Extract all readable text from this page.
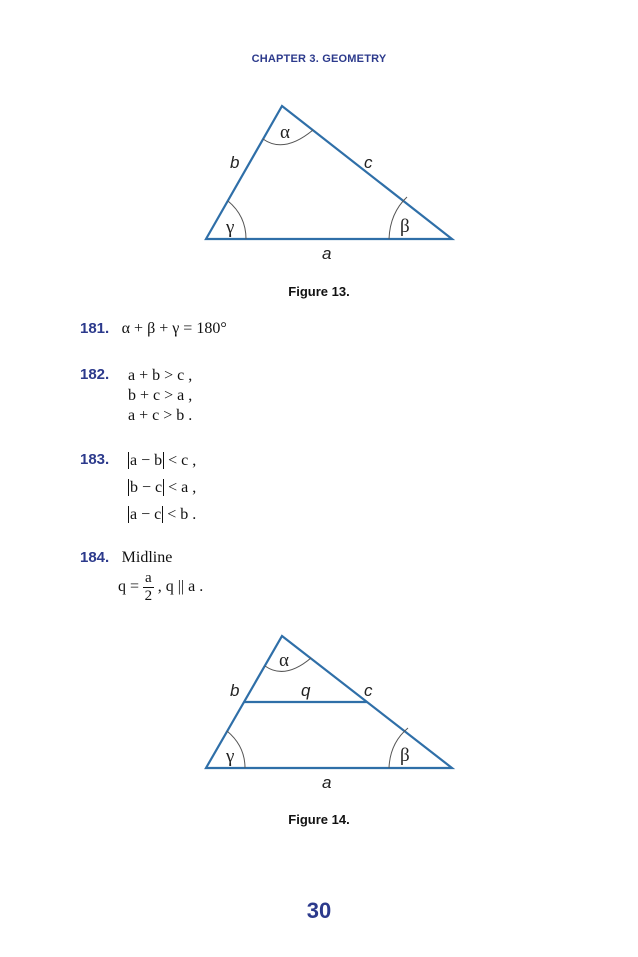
CHAPTER 3. GEOMETRY
α
γ	β
b	c
a
Figure 13.
181. α + β + γ = 180°
182. a + b > c ,
b + c > a ,
a + c > b .
183. a − b < c ,
b − c < a ,
a − c < b .
184. Midline
$q = \frac{a}{2}$ , q || a .
α
γ	β
b	q	c
a
Figure 14.
30
